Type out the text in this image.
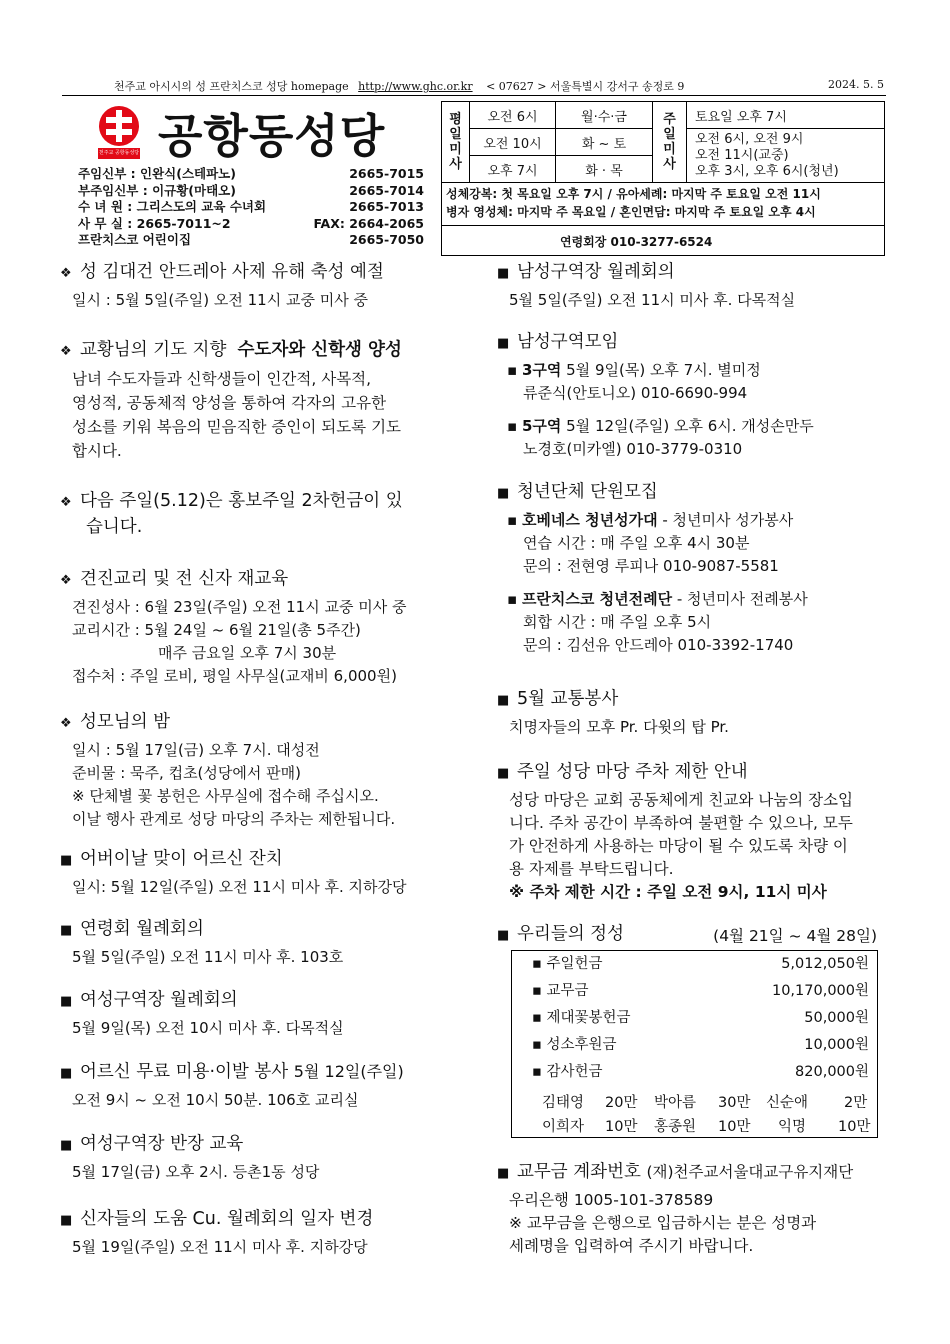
천주교 아시시의 성 프란치스코 성당 homepage http://www.ghc.or.kr < 07627 > 서울특별시 강서구 송정로 9	2024. 5. 5
천주교 공항동성당 공항동성당
주임신부 : 인완식(스테파노)	2665-7015
부주임신부 : 이규황(마태오)	2665-7014
수 녀 원 : 그리스도의 교육 수녀회	2665-7013
사 무 실 : 2665-7011~2	FAX: 2664-2065
프란치스코 어린이집	2665-7050
평일미사
오전 6시	월·수·금
오전 10시	화 ~ 토
오후 7시	화 · 목
주일미사
토요일 오후 7시
오전 6시, 오전 9시
오전 11시(교중)
오후 3시, 오후 6시(청년)
성체강복: 첫 목요일 오후 7시 / 유아세례: 마지막 주 토요일 오전 11시
병자 영성체: 마지막 주 목요일 / 혼인면담: 마지막 주 토요일 오후 4시
연령회장 010-3277-6524
❖ 성 김대건 안드레아 사제 유해 축성 예절

일시 : 5월 5일(주일) 오전 11시 교중 미사 중

❖ 교황님의 기도 지향 수도자와 신학생 양성

남녀 수도자들과 신학생들이 인간적, 사목적,

영성적, 공동체적 양성을 통하여 각자의 고유한

성소를 키워 복음의 믿음직한 증인이 되도록 기도

합시다.

❖ 다음 주일(5.12)은 홍보주일 2차헌금이 있
습니다.
❖ 견진교리 및 전 신자 재교육

견진성사 : 6월 23일(주일) 오전 11시 교중 미사 중

교리시간 : 5월 24일 ~ 6월 21일(총 5주간)

매주 금요일 오후 7시 30분

접수처 : 주일 로비, 평일 사무실(교재비 6,000원)

❖ 성모님의 밤

일시 : 5월 17일(금) 오후 7시. 대성전

준비물 : 묵주, 컵초(성당에서 판매)

※ 단체별 꽃 봉헌은 사무실에 접수해 주십시오.

이날 행사 관계로 성당 마당의 주차는 제한됩니다.

■ 어버이날 맞이 어르신 잔치

일시: 5월 12일(주일) 오전 11시 미사 후. 지하강당

■ 연령회 월례회의

5월 5일(주일) 오전 11시 미사 후. 103호

■ 여성구역장 월례회의

5월 9일(목) 오전 10시 미사 후. 다목적실

■ 어르신 무료 미용·이발 봉사 5월 12일(주일)

오전 9시 ~ 오전 10시 50분. 106호 교리실

■ 여성구역장 반장 교육

5월 17일(금) 오후 2시. 등촌1동 성당

■ 신자들의 도움 Cu. 월례회의 일자 변경

5월 19일(주일) 오전 11시 미사 후. 지하강당

■ 남성구역장 월례회의

5월 5일(주일) 오전 11시 미사 후. 다목적실

■ 남성구역모임
▪ 3구역 5월 9일(목) 오후 7시. 별미정
류준식(안토니오) 010-6690-994
▪ 5구역 5월 12일(주일) 오후 6시. 개성손만두
노경호(미카엘) 010-3779-0310
■ 청년단체 단원모집
▪ 호베네스 청년성가대 - 청년미사 성가봉사
연습 시간 : 매 주일 오후 4시 30분
문의 : 전현영 루피나 010-9087-5581
▪ 프란치스코 청년전례단 - 청년미사 전례봉사
회합 시간 : 매 주일 오후 5시
문의 : 김선유 안드레아 010-3392-1740
■ 5월 교통봉사

치명자들의 모후 Pr. 다윗의 탑 Pr.

■ 주일 성당 마당 주차 제한 안내

성당 마당은 교회 공동체에게 친교와 나눔의 장소입

니다. 주차 공간이 부족하여 불편할 수 있으나, 모두

가 안전하게 사용하는 마당이 될 수 있도록 차량 이

용 자제를 부탁드립니다.

※ 주차 제한 시간 : 주일 오전 9시, 11시 미사

■ 우리들의 정성	(4월 21일 ~ 4월 28일)
▪ 주일헌금	5,012,050원
▪ 교무금	10,170,000원
▪ 제대꽃봉헌금	50,000원
▪ 성소후원금	10,000원
▪ 감사헌금	820,000원
김태영 20만 박아름 30만 신순애 2만
이희자 10만 홍종원 10만 익명 10만
■ 교무금 계좌번호 (재)천주교서울대교구유지재단

우리은행 1005-101-378589

※ 교무금을 은행으로 입금하시는 분은 성명과

세례명을 입력하여 주시기 바랍니다.
